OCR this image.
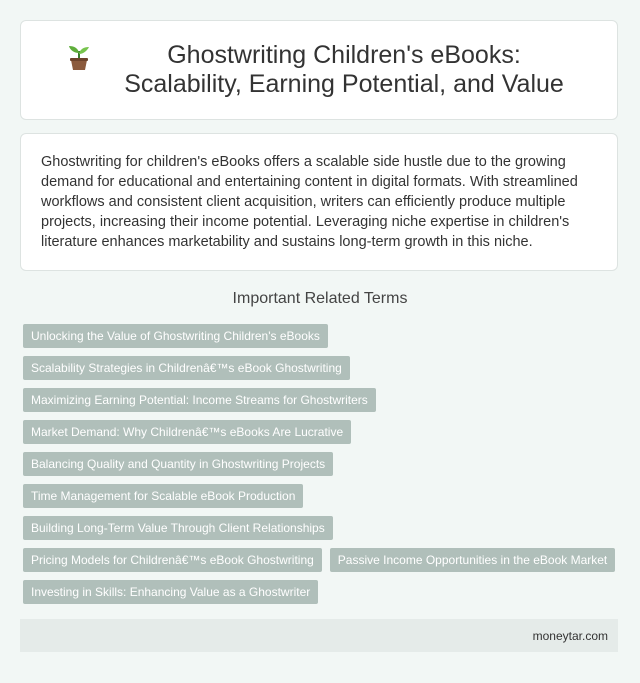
Ghostwriting Children's eBooks: Scalability, Earning Potential, and Value

Ghostwriting for children's eBooks offers a scalable side hustle due to the growing demand for educational and entertaining content in digital formats. With streamlined workflows and consistent client acquisition, writers can efficiently produce multiple projects, increasing their income potential. Leveraging niche expertise in children's literature enhances marketability and sustains long-term growth in this niche.

Important Related Terms
Unlocking the Value of Ghostwriting Children's eBooks
Scalability Strategies in Childrenâ€™s eBook Ghostwriting
Maximizing Earning Potential: Income Streams for Ghostwriters
Market Demand: Why Childrenâ€™s eBooks Are Lucrative
Balancing Quality and Quantity in Ghostwriting Projects
Time Management for Scalable eBook Production
Building Long-Term Value Through Client Relationships
Pricing Models for Childrenâ€™s eBook Ghostwriting	Passive Income Opportunities in the eBook Market
Investing in Skills: Enhancing Value as a Ghostwriter
moneytar.com
